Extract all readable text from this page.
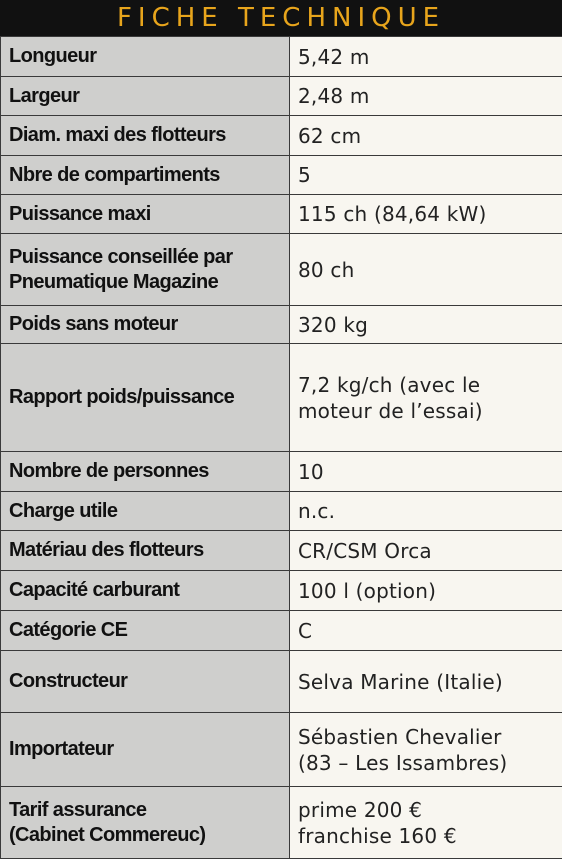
FICHE TECHNIQUE
Longueur	5,42 m

Largeur	2,48 m

Diam. maxi des flotteurs	62 cm

Nbre de compartiments	5

Puissance maxi	115 ch (84,64 kW)

Puissance conseillée par
Pneumatique Magazine	80 ch

Poids sans moteur	320 kg

Rapport poids/puissance	7,2 kg/ch (avec le
moteur de l’essai)

Nombre de personnes	10

Charge utile	n.c.

Matériau des flotteurs	CR/CSM Orca

Capacité carburant	100 l (option)

Catégorie CE	C

Constructeur	Selva Marine (Italie)

Importateur	Sébastien Chevalier
(83 – Les Issambres)

Tarif assurance
(Cabinet Commereuc)	prime 200 €
franchise 160 €
